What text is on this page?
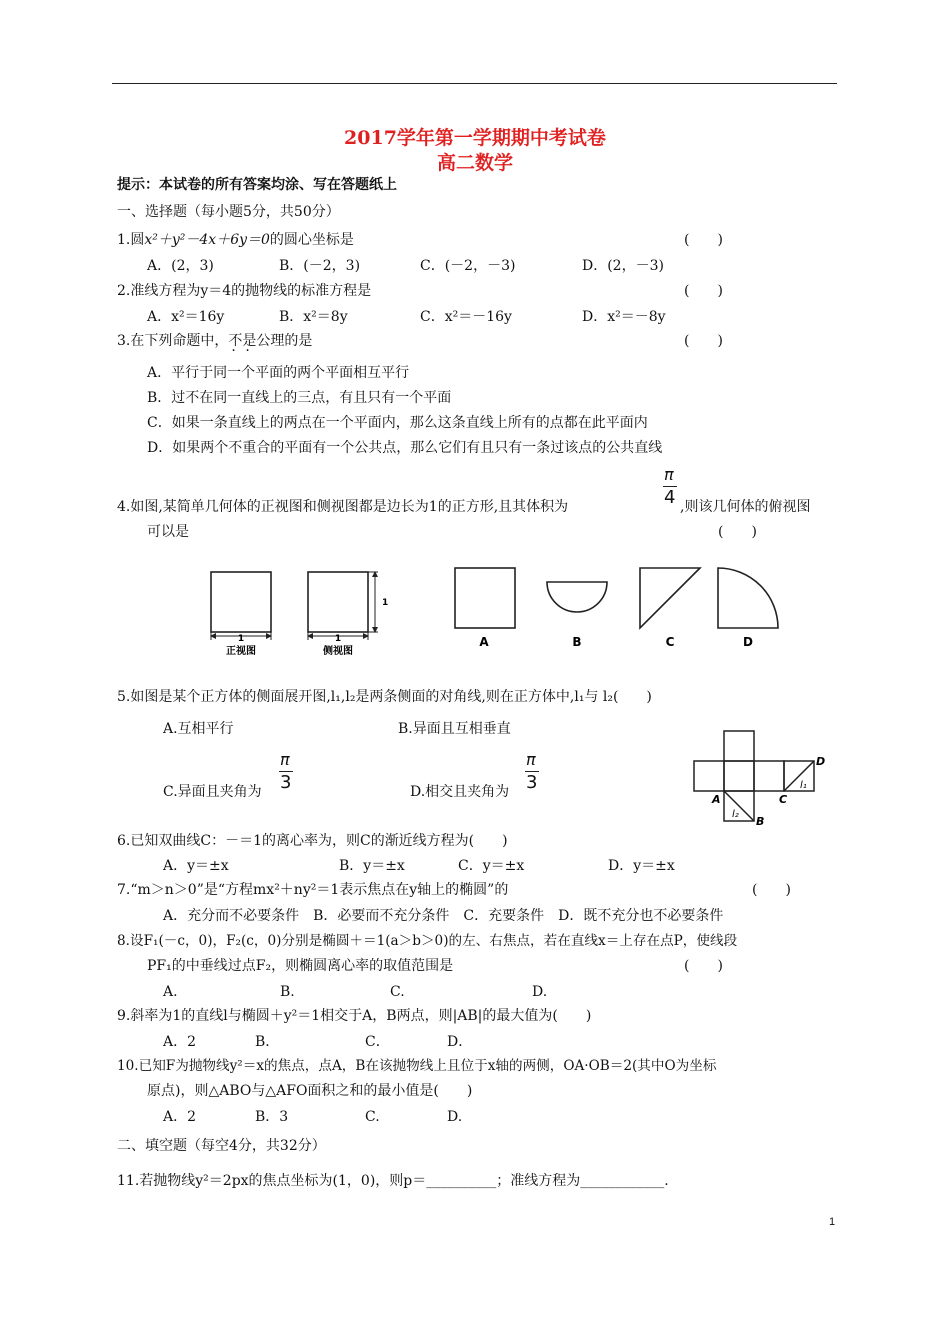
2017学年第一学期期中考试卷
高二数学
提示：本试卷的所有答案均涂、写在答题纸上
一、选择题（每小题5分，共50分）
1.圆x²＋y²－4x＋6y＝0的圆心坐标是	(　　)
A．(2，3)	B．(－2，3)	C．(－2，－3)	D．(2，－3)
2.准线方程为y＝4的抛物线的标准方程是	(　　)
A．x²＝16y	B．x²＝8y	C．x²＝－16y	D．x²＝－8y
3.在下列命题中，不是公理的是	(　　)
A．平行于同一个平面的两个平面相互平行
B．过不在同一直线上的三点，有且只有一个平面
C．如果一条直线上的两点在一个平面内，那么这条直线上所有的点都在此平面内
D．如果两个不重合的平面有一个公共点，那么它们有且只有一条过该点的公共直线
π
4
4.如图,某简单几何体的正视图和侧视图都是边长为1的正方形,且其体积为	,则该几何体的俯视图
可以是	(　　)
1
正视图
1
1
侧视图
A	B	C	D
5.如图是某个正方体的侧面展开图,l₁,l₂是两条侧面的对角线,则在正方体中,l₁与 l₂(　　)
A.互相平行	B.异面且互相垂直
π
3
C.异面且夹角为
π
3
D.相交且夹角为	A
B
C
D
l₁
l₂
6.已知双曲线C：－＝1的离心率为，则C的渐近线方程为(　　)
A．y＝±x	B．y＝±x	C．y＝±x	D．y＝±x
7.“m＞n＞0”是“方程mx²＋ny²＝1表示焦点在y轴上的椭圆”的	(　　)
A．充分而不必要条件　B．必要而不充分条件　C．充要条件　D．既不充分也不必要条件
8.设F₁(－c，0)，F₂(c，0)分别是椭圆＋＝1(a＞b＞0)的左、右焦点，若在直线x＝上存在点P，使线段
PF₁的中垂线过点F₂，则椭圆离心率的取值范围是	(　　)
A.	B.	C.	D.
9.斜率为1的直线l与椭圆＋y²＝1相交于A，B两点，则|AB|的最大值为(　　)
A．2	B．	C．	D．
10.已知F为抛物线y²＝x的焦点，点A，B在该抛物线上且位于x轴的两侧，OA·OB＝2(其中O为坐标
原点)，则△ABO与△AFO面积之和的最小值是(　　)
A．2	B．3	C.	D.
二、填空题（每空4分，共32分）
11.若抛物线y²＝2px的焦点坐标为(1，0)，则p＝__________；准线方程为____________.
1
